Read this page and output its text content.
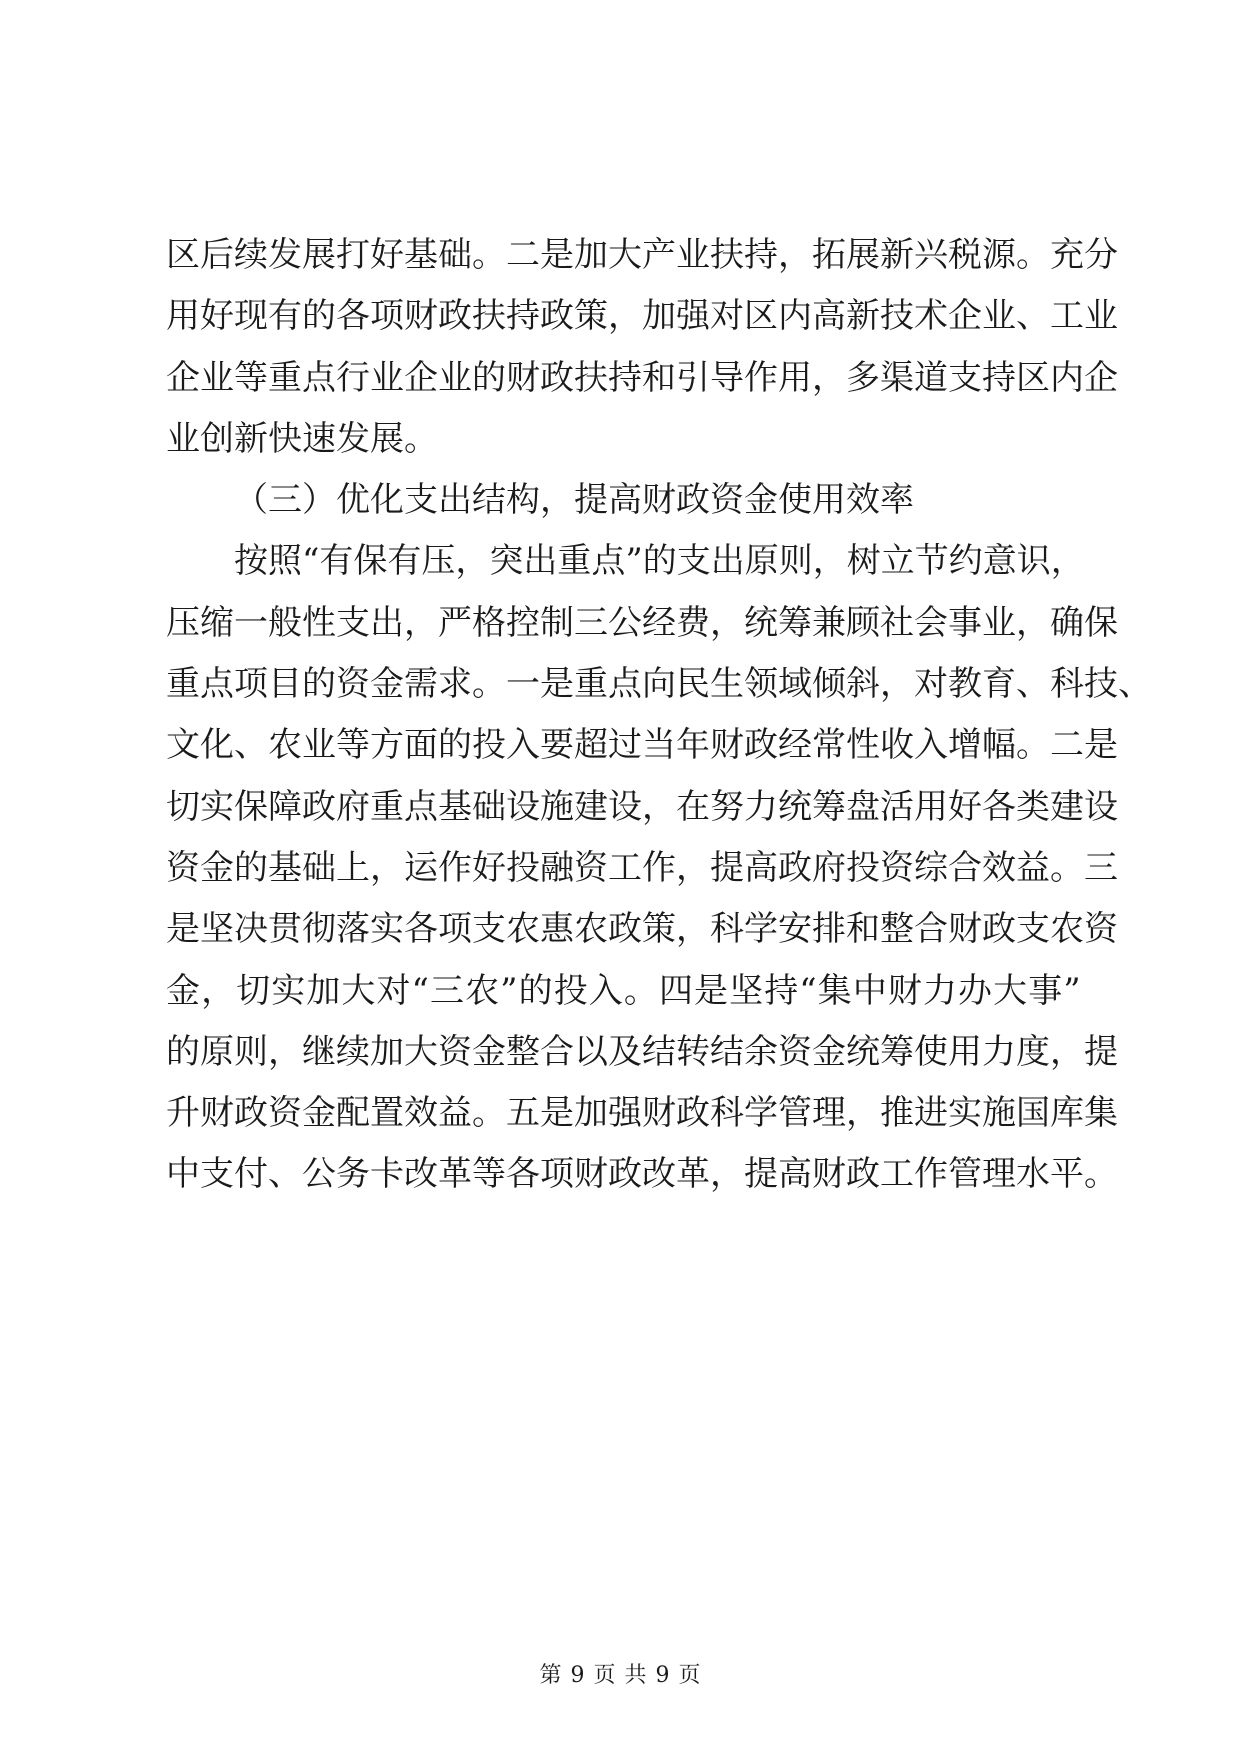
区 后 续 发 展 打 好 基 础 。 二 是 加 大 产 业 扶 持 ， 拓 展 新 兴 税 源 。 充 分
用 好 现 有 的 各 项 财 政 扶 持 政 策 ， 加 强 对 区 内 高 新 技 术 企 业 、 工 业
企 业 等 重 点 行 业 企 业 的 财 政 扶 持 和 引 导 作 用 ， 多 渠 道 支 持 区 内 企
业创新快速发展。
（三）优化支出结构，提高财政资金使用效率
按照“有保有压，突出重点”的支出原则，树立节约意识，
压 缩 一 般 性 支 出 ， 严 格 控 制 三 公 经 费 ， 统 筹 兼 顾 社 会 事 业 ， 确 保
重 点 项 目 的 资 金 需 求 。 一 是 重 点 向 民 生 领 域 倾 斜 ， 对 教 育 、 科 技 、
文 化 、 农 业 等 方 面 的 投 入 要 超 过 当 年 财 政 经 常 性 收 入 增 幅 。 二 是
切 实 保 障 政 府 重 点 基 础 设 施 建 设 ， 在 努 力 统 筹 盘 活 用 好 各 类 建 设
资 金 的 基 础 上 ， 运 作 好 投 融 资 工 作 ， 提 高 政 府 投 资 综 合 效 益 。 三
是 坚 决 贯 彻 落 实 各 项 支 农 惠 农 政 策 ， 科 学 安 排 和 整 合 财 政 支 农 资
金 ， 切 实 加 大 对 “ 三 农 ” 的 投 入 。 四 是 坚 持 “ 集 中 财 力 办 大 事 ”
的 原 则 ， 继 续 加 大 资 金 整 合 以 及 结 转 结 余 资 金 统 筹 使 用 力 度 ， 提
升 财 政 资 金 配 置 效 益 。 五 是 加 强 财 政 科 学 管 理 ， 推 进 实 施 国 库 集
中 支 付 、 公 务 卡 改 革 等 各 项 财 政 改 革 ， 提 高 财 政 工 作 管 理 水 平 。
第 9 页 共 9 页
